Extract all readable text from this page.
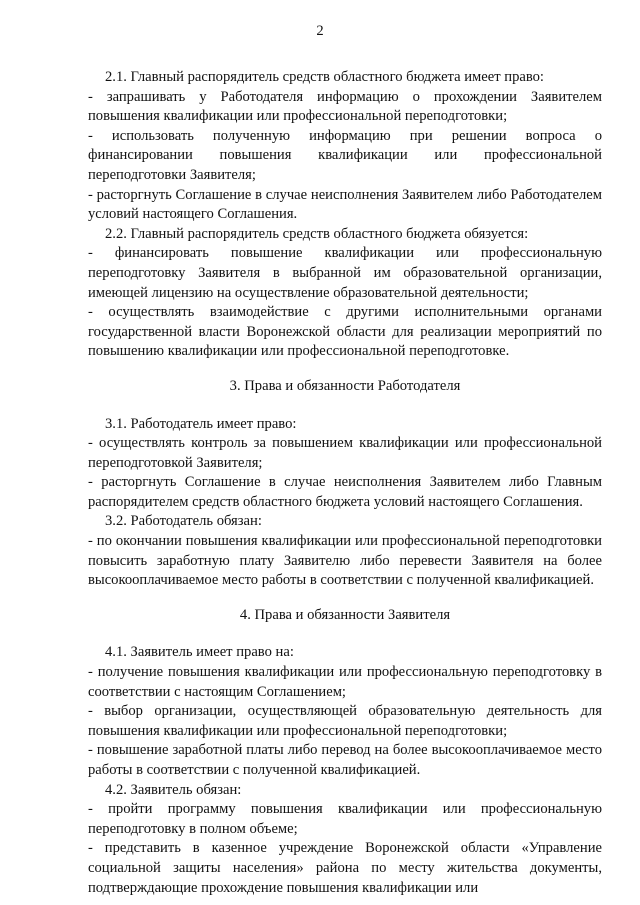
2

2.1. Главный распорядитель средств областного бюджета имеет право:

- запрашивать у Работодателя информацию о прохождении Заявителем повышения квалификации или профессиональной переподготовки;

- использовать полученную информацию при решении вопроса о финансировании повышения квалификации или профессиональной переподготовки Заявителя;

- расторгнуть Соглашение в случае неисполнения Заявителем либо Работодателем условий настоящего Соглашения.

2.2. Главный распорядитель средств областного бюджета обязуется:

- финансировать повышение квалификации или профессиональную переподготовку Заявителя в выбранной им образовательной организации, имеющей лицензию на осуществление образовательной деятельности;

- осуществлять взаимодействие с другими исполнительными органами государственной власти Воронежской области для реализации мероприятий по повышению квалификации или профессиональной переподготовке.

3. Права и обязанности Работодателя

3.1. Работодатель имеет право:

- осуществлять контроль за повышением квалификации или профессиональной переподготовкой Заявителя;

- расторгнуть Соглашение в случае неисполнения Заявителем либо Главным распорядителем средств областного бюджета условий настоящего Соглашения.

3.2. Работодатель обязан:

- по окончании повышения квалификации или профессиональной переподготовки повысить заработную плату Заявителю либо перевести Заявителя на более высокооплачиваемое место работы в соответствии с полученной квалификацией.

4. Права и обязанности Заявителя

4.1. Заявитель имеет право на:

- получение повышения квалификации или профессиональную переподготовку в соответствии с настоящим Соглашением;

- выбор организации, осуществляющей образовательную деятельность для повышения квалификации или профессиональной переподготовки;

- повышение заработной платы либо перевод на более высокооплачиваемое место работы в соответствии с полученной квалификацией.

4.2. Заявитель обязан:

- пройти программу повышения квалификации или профессиональную переподготовку в полном объеме;

- представить в казенное учреждение Воронежской области «Управление социальной защиты населения» района по месту жительства документы, подтверждающие прохождение повышения квалификации или
